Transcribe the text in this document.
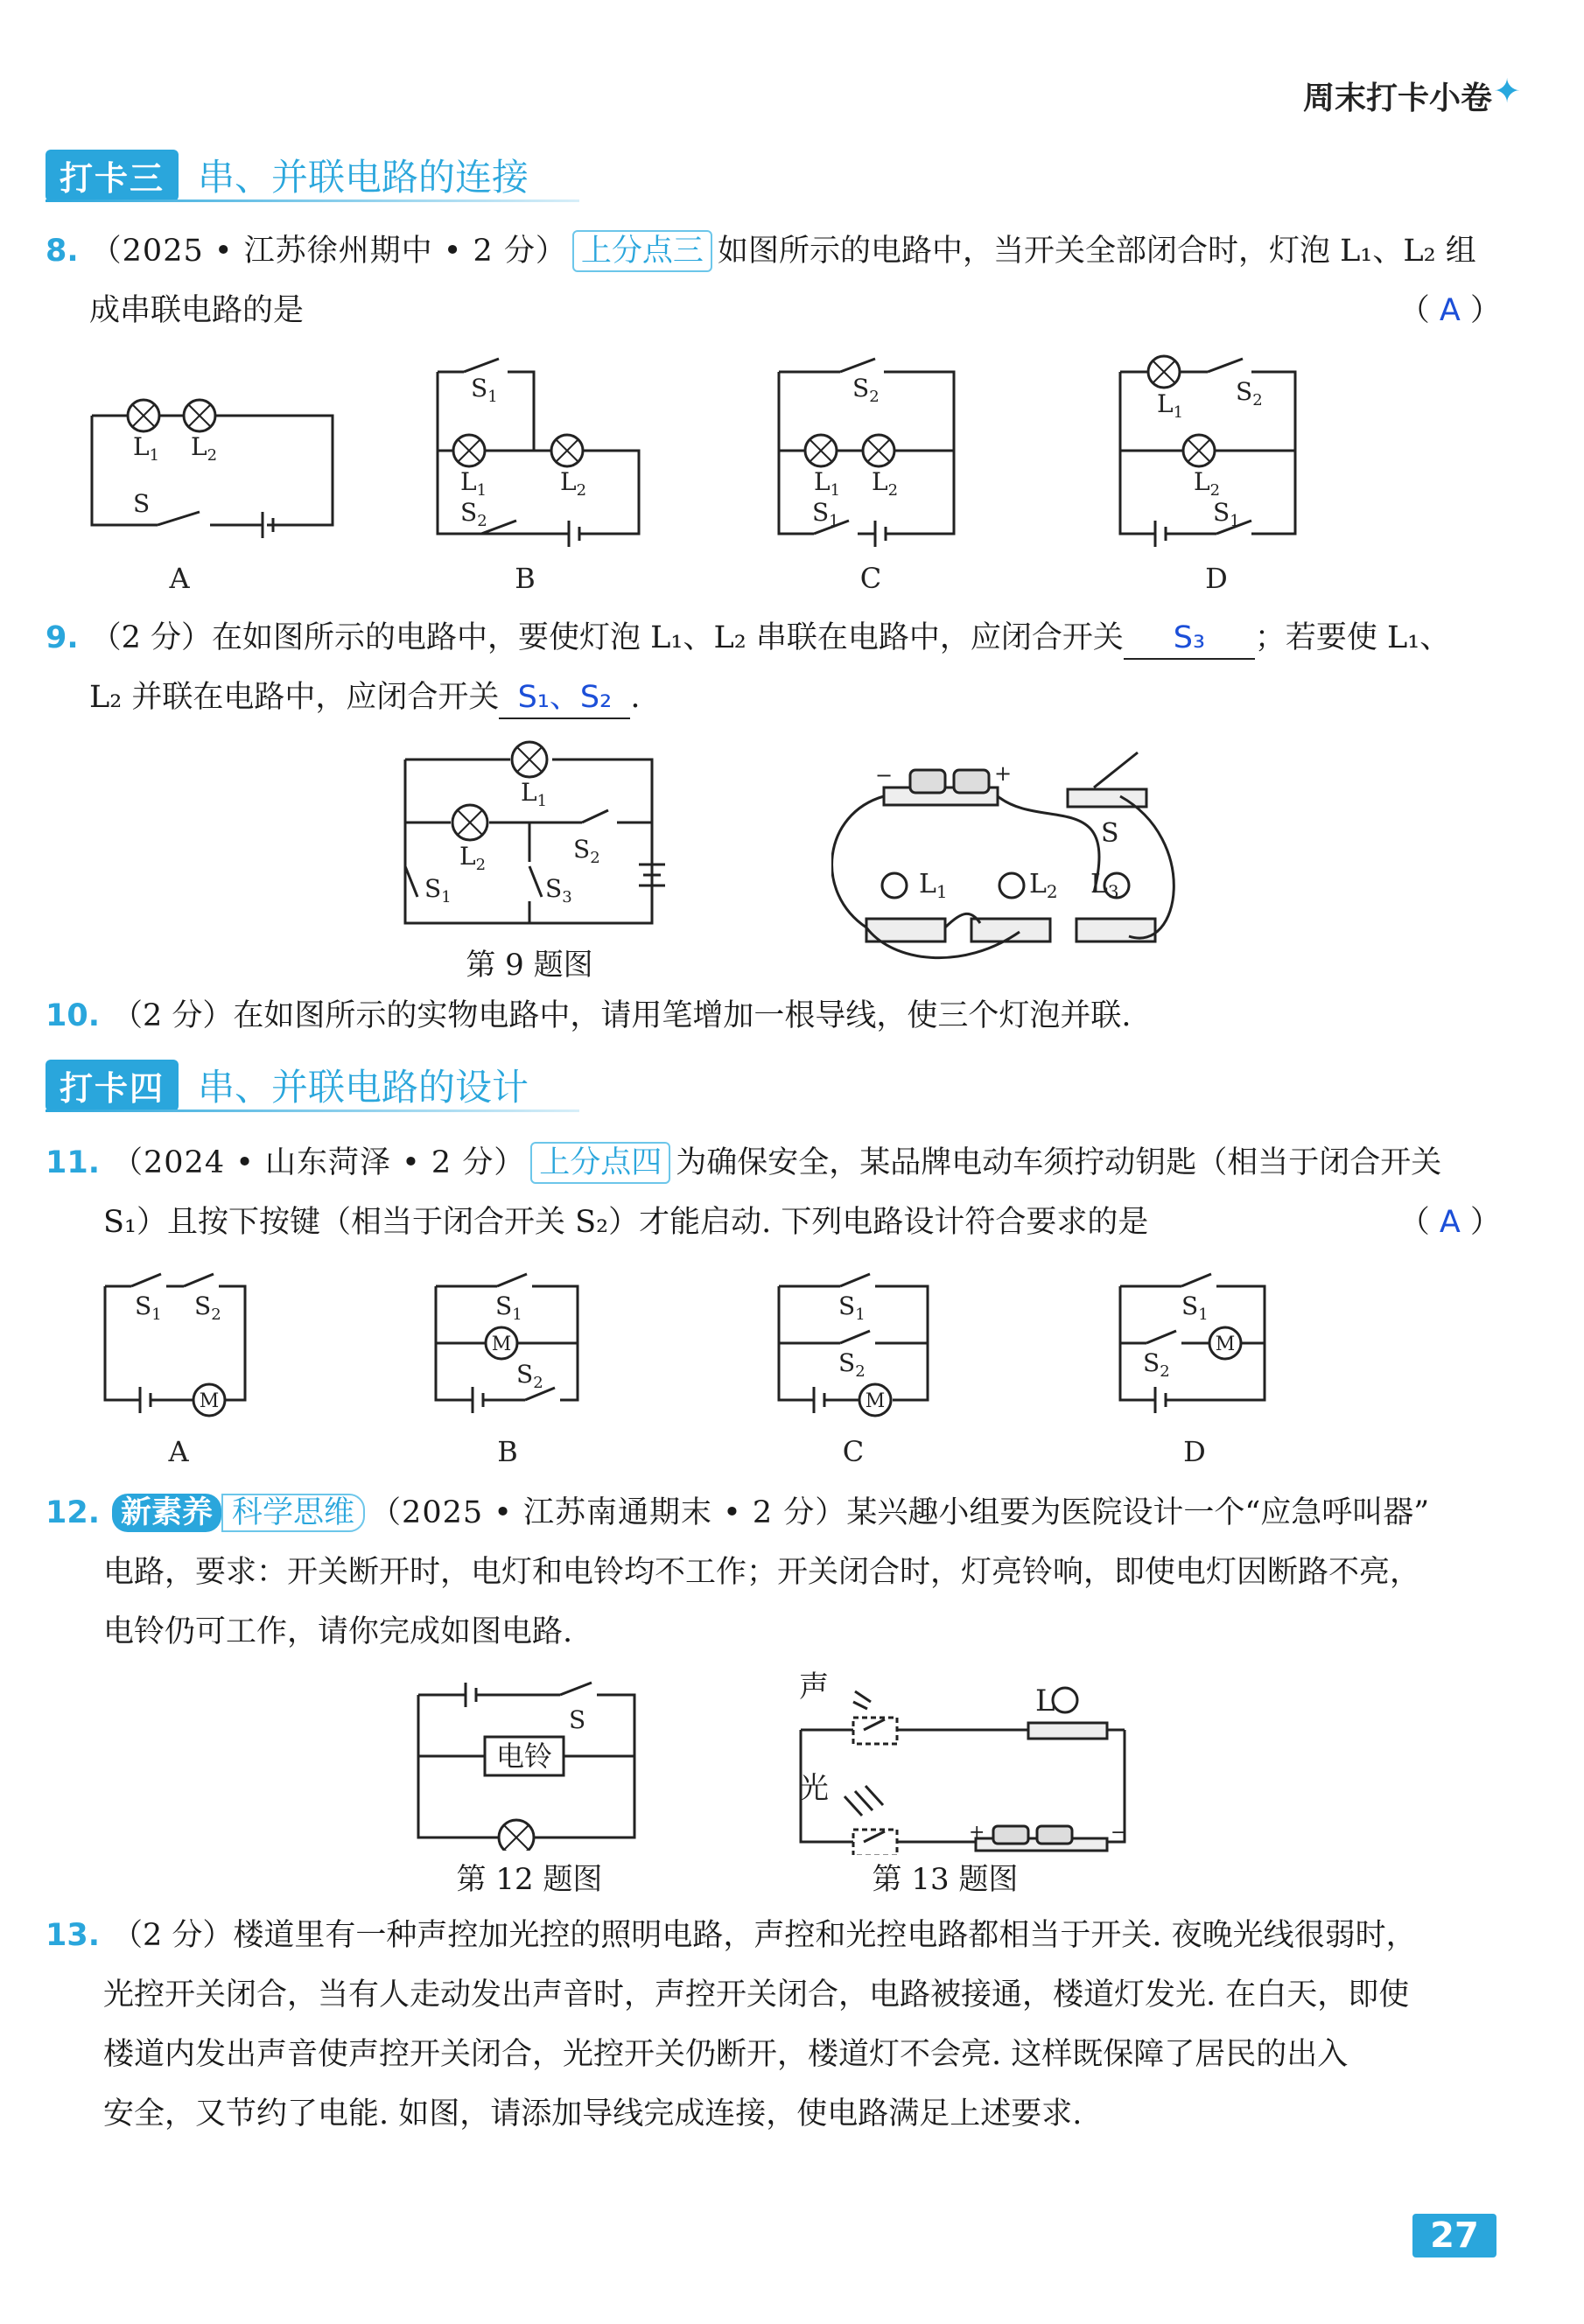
周末打卡小卷 ✦
打卡三 串、并联电路的连接
8. （2025 • 江苏徐州期中 • 2 分） 上分点三 如图所示的电路中，当开关全部闭合时，灯泡 L₁、L₂ 组
成串联电路的是	（ A ）
$L_1$ $L_2$
S
$S_1$
$L_1$
$S_2$
$L_2$
$S_2$
$L_1$ $L_2$
$S_1$
$L_1$
$S_2$
$L_2$
$S_1$
A	B	C	D
9. （2 分）在如图所示的电路中，要使灯泡 L₁、L₂ 串联在电路中，应闭合开关 S₃ ；若要使 L₁、
L₂ 并联在电路中，应闭合开关 S₁、S₂ .
$L_1$
$L_2$
$S_1$	$S_3$
$S_2$
第 9 题图
$L_1$	$L_2$ $L_3$
S
−	+
10. （2 分）在如图所示的实物电路中，请用笔增加一根导线，使三个灯泡并联.
打卡四 串、并联电路的设计
11. （2024 • 山东菏泽 • 2 分） 上分点四 为确保安全，某品牌电动车须拧动钥匙（相当于闭合开关
S₁）且按下按键（相当于闭合开关 S₂）才能启动. 下列电路设计符合要求的是	（ A ）
M
M
M
M
$S_1$ $S_2$	$S_1$
$S_2$
$S_1$
$S_2$
$S_1$
$S_2$
A	B	C	D
12. 新素养 科学思维 （2025 • 江苏南通期末 • 2 分）某兴趣小组要为医院设计一个“应急呼叫器”
电路，要求：开关断开时，电灯和电铃均不工作；开关闭合时，灯亮铃响，即使电灯因断路不亮，
电铃仍可工作，请你完成如图电路.
S
电铃
第 12 题图
声
光
L
+	−
第 13 题图
13. （2 分）楼道里有一种声控加光控的照明电路，声控和光控电路都相当于开关. 夜晚光线很弱时，
光控开关闭合，当有人走动发出声音时，声控开关闭合，电路被接通，楼道灯发光. 在白天，即使
楼道内发出声音使声控开关闭合，光控开关仍断开，楼道灯不会亮. 这样既保障了居民的出入
安全，又节约了电能. 如图，请添加导线完成连接，使电路满足上述要求.
27
